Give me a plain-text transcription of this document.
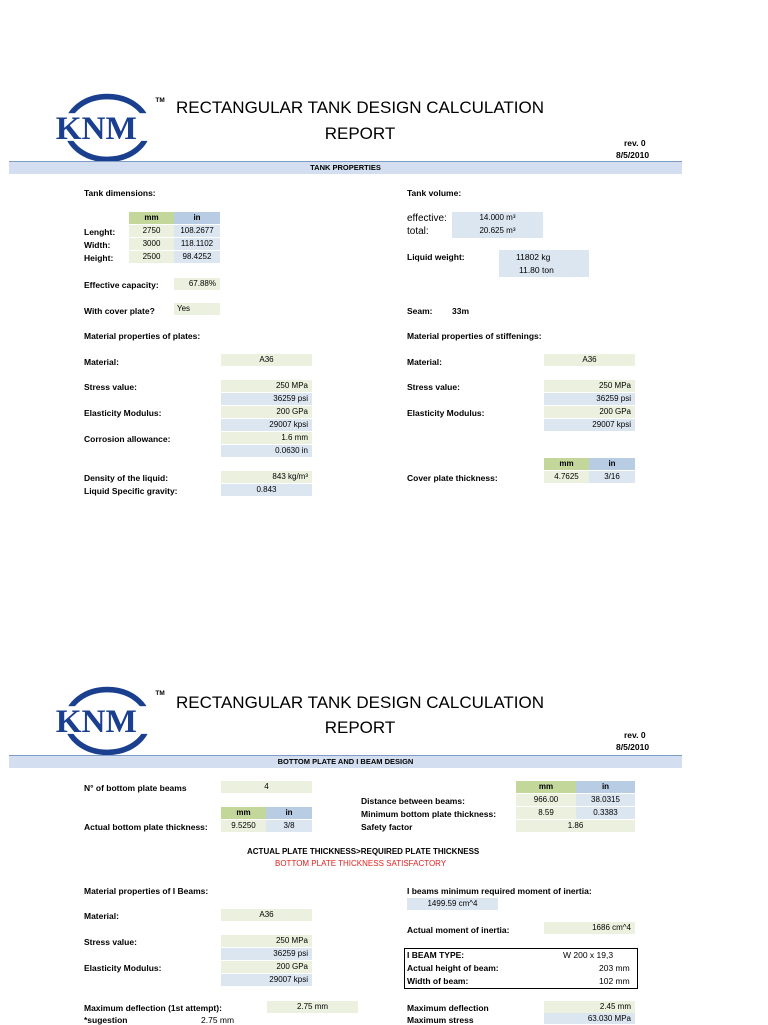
KNM
TM RECTANGULAR TANK DESIGN CALCULATION
REPORT	rev. 0
8/5/2010
TANK PROPERTIES
Tank dimensions:
mm	in
Lenght:	2750	108.2677
Width:	3000	118.1102
Height:	2500	98.4252
Tank volume:
effective:	14.000 m³
total:	20.625 m³
Liquid weight:	11802 kg
11.80 ton
Effective capacity:	67.88%
With cover plate?	Yes	Seam: 33m
Material properties of plates:	Material properties of stiffenings:
Material:	A36
Stress value:	250 MPa
36259 psi
Elasticity Modulus:	200 GPa
29007 kpsi
Corrosion allowance:	1.6 mm
0.0630 in
Material:	A36
Stress value:	250 MPa
36259 psi
Elasticity Modulus:	200 GPa
29007 kpsi
Density of the liquid:	843 kg/m³
Liquid Specific gravity:	0.843
mm	in
Cover plate thickness:	4.7625	3/16
KNM
TM RECTANGULAR TANK DESIGN CALCULATION
REPORT	rev. 0
8/5/2010
BOTTOM PLATE AND I BEAM DESIGN
N° of bottom plate beams	4
mm	in
Actual bottom plate thickness:	9.5250	3/8
mm	in
Distance between beams:	966.00	38.0315
Minimum bottom plate thickness:	8.59	0.3383
Safety factor	1.86
ACTUAL PLATE THICKNESS>REQUIRED PLATE THICKNESS
BOTTOM PLATE THICKNESS SATISFACTORY
Material properties of I Beams:
Material:	A36
Stress value:	250 MPa
36259 psi
Elasticity Modulus:	200 GPa
29007 kpsi
I beams minimum required moment of inertia:
1499.59 cm^4
Actual moment of inertia:	1686 cm^4
I BEAM TYPE:	W 200 x 19,3
Actual height of beam:	203 mm
Width of beam:	102 mm
Maximum deflection (1st attempt):	2.75 mm
*sugestion	2.75 mm
Maximum deflection	2.45 mm
Maximum stress	63.030 MPa
